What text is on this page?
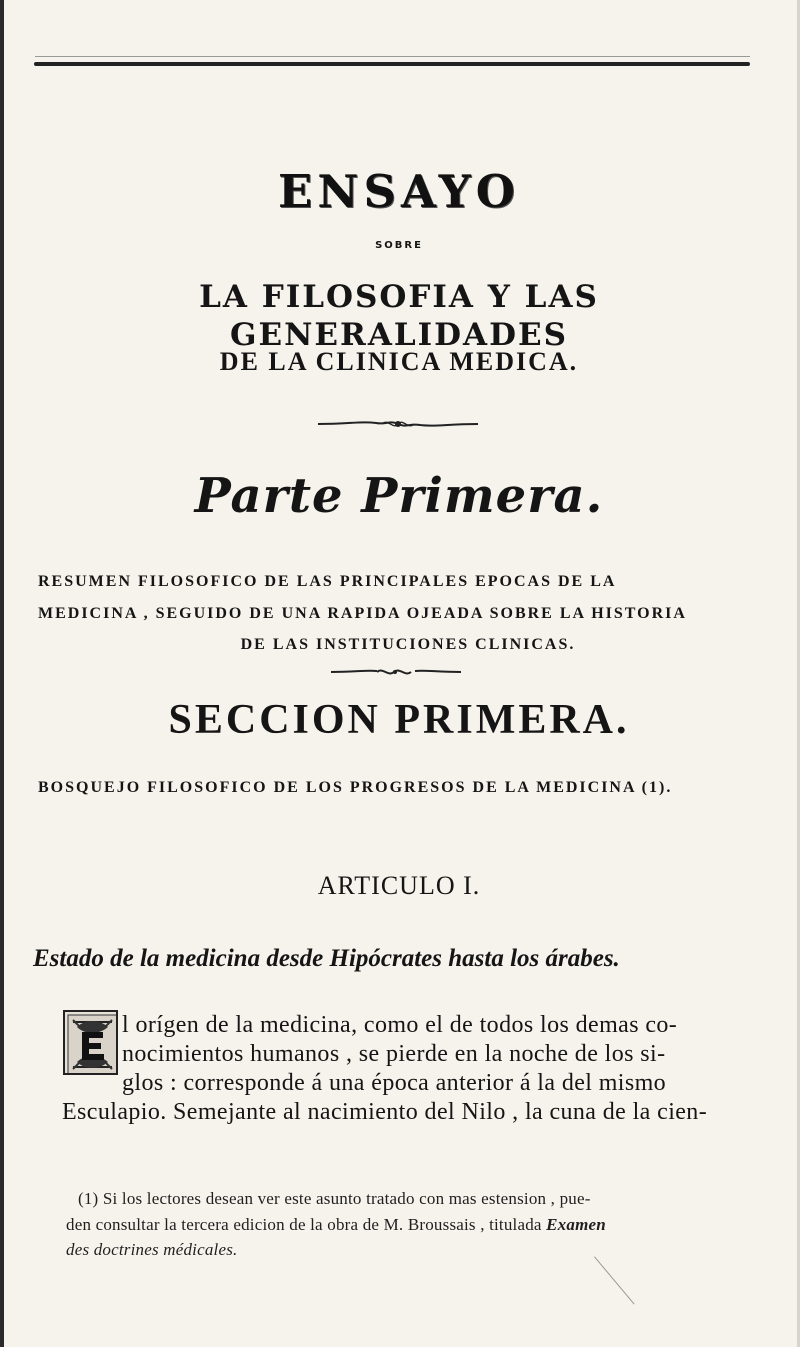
ENSAYO
SOBRE
LA FILOSOFIA Y LAS GENERALIDADES
DE LA CLINICA MEDICA.
Parte Primera.
RESUMEN FILOSOFICO DE LAS PRINCIPALES EPOCAS DE LA
MEDICINA , SEGUIDO DE UNA RAPIDA OJEADA SOBRE LA HISTORIA
DE LAS INSTITUCIONES CLINICAS.
SECCION PRIMERA.
BOSQUEJO FILOSOFICO DE LOS PROGRESOS DE LA MEDICINA (1).
ARTICULO I.
Estado de la medicina desde Hipócrates hasta los árabes.
l orígen de la medicina, como el de todos los demas co-
nocimientos humanos , se pierde en la noche de los si-
glos : corresponde á una época anterior á la del mismo
Esculapio. Semejante al nacimiento del Nilo , la cuna de la cien-
(1) Si los lectores desean ver este asunto tratado con mas estension , pue-
den consultar la tercera edicion de la obra de M. Broussais , titulada Examen
des doctrines médicales.
